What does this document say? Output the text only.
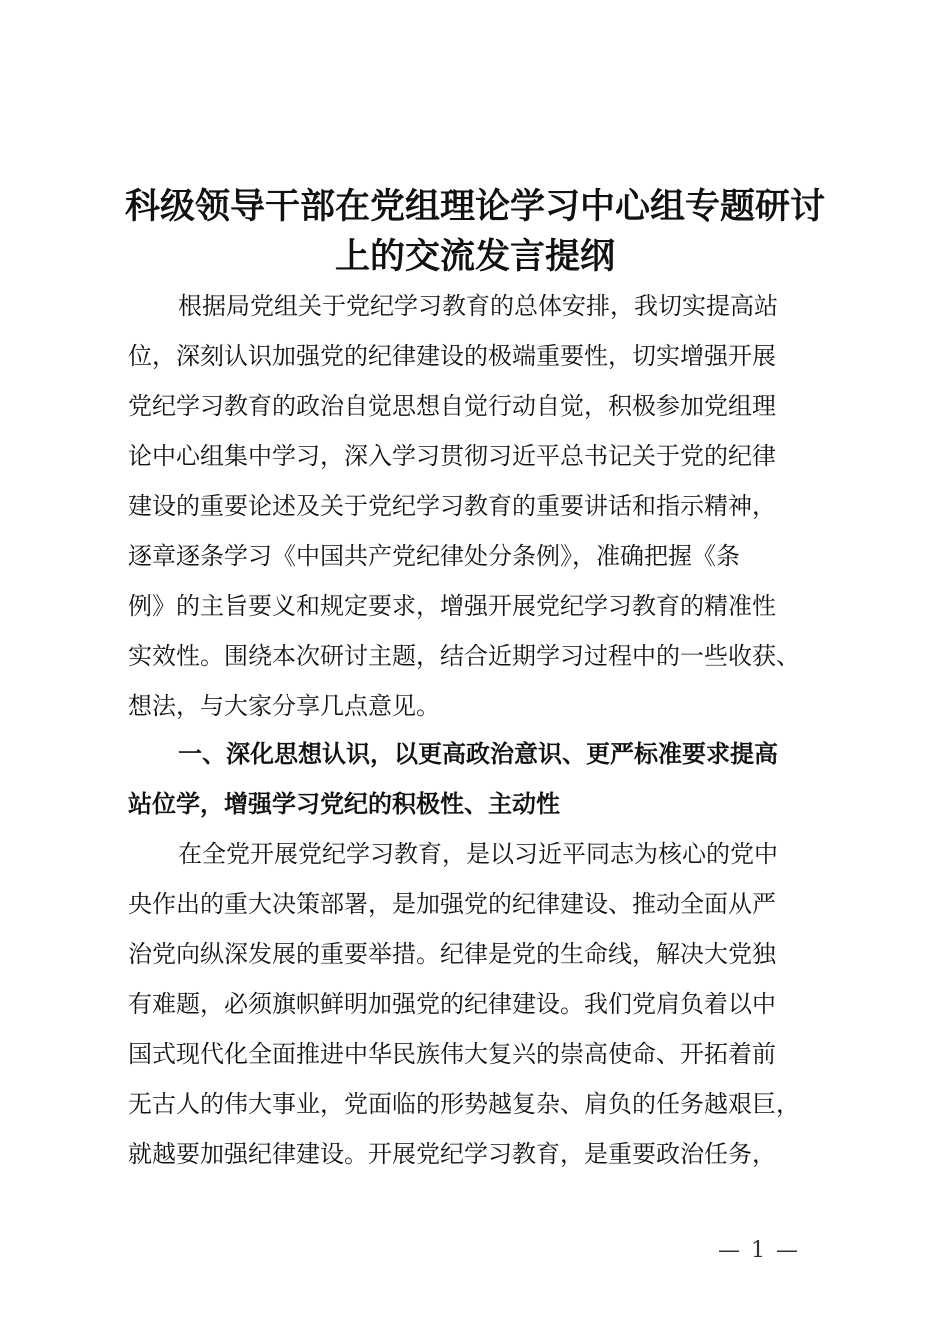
科级领导干部在党组理论学习中心组专题研讨
上的交流发言提纲
根据局党组关于党纪学习教育的总体安排，我切实提高站
位，深刻认识加强党的纪律建设的极端重要性，切实增强开展
党纪学习教育的政治自觉思想自觉行动自觉，积极参加党组理
论中心组集中学习，深入学习贯彻习近平总书记关于党的纪律
建设的重要论述及关于党纪学习教育的重要讲话和指示精神，
逐章逐条学习《中国共产党纪律处分条例》，准确把握《条
例》的主旨要义和规定要求，增强开展党纪学习教育的精准性
实效性。围绕本次研讨主题，结合近期学习过程中的一些收获、
想法，与大家分享几点意见。
一、深化思想认识，以更高政治意识、更严标准要求提高
站位学，增强学习党纪的积极性、主动性
在全党开展党纪学习教育，是以习近平同志为核心的党中
央作出的重大决策部署，是加强党的纪律建设、推动全面从严
治党向纵深发展的重要举措。纪律是党的生命线，解决大党独
有难题，必须旗帜鲜明加强党的纪律建设。我们党肩负着以中
国式现代化全面推进中华民族伟大复兴的崇高使命、开拓着前
无古人的伟大事业，党面临的形势越复杂、肩负的任务越艰巨，
就越要加强纪律建设。开展党纪学习教育，是重要政治任务，
— 1 —
